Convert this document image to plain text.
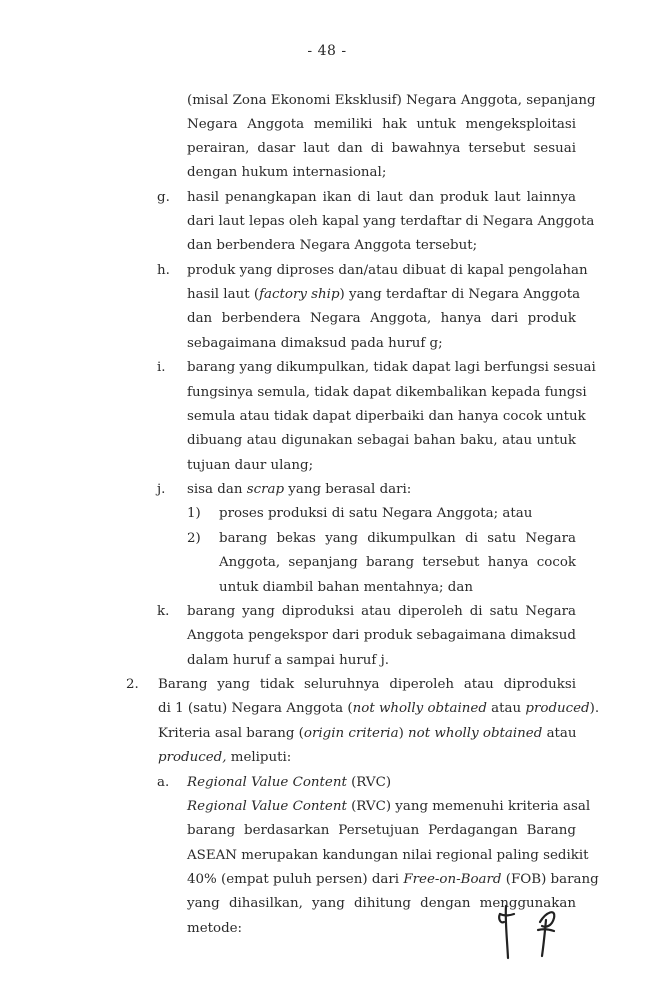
- 48 -
(misal Zona Ekonomi Eksklusif) Negara Anggota, sepanjang
Negara Anggota memiliki hak untuk mengeksploitasi
perairan, dasar laut dan di bawahnya tersebut sesuai
dengan hukum internasional;
g. hasil penangkapan ikan di laut dan produk laut lainnya
dari laut lepas oleh kapal yang terdaftar di Negara Anggota
dan berbendera Negara Anggota tersebut;
h. produk yang diproses dan/atau dibuat di kapal pengolahan
hasil laut (factory ship) yang terdaftar di Negara Anggota
dan berbendera Negara Anggota, hanya dari produk
sebagaimana dimaksud pada huruf g;
i. barang yang dikumpulkan, tidak dapat lagi berfungsi sesuai
fungsinya semula, tidak dapat dikembalikan kepada fungsi
semula atau tidak dapat diperbaiki dan hanya cocok untuk
dibuang atau digunakan sebagai bahan baku, atau untuk
tujuan daur ulang;
j. sisa dan scrap yang berasal dari:
1) proses produksi di satu Negara Anggota; atau
2) barang bekas yang dikumpulkan di satu Negara
Anggota, sepanjang barang tersebut hanya cocok
untuk diambil bahan mentahnya; dan
k. barang yang diproduksi atau diperoleh di satu Negara
Anggota pengekspor dari produk sebagaimana dimaksud
dalam huruf a sampai huruf j.
2. Barang yang tidak seluruhnya diperoleh atau diproduksi
di 1 (satu) Negara Anggota (not wholly obtained atau produced).
Kriteria asal barang (origin criteria) not wholly obtained atau
produced, meliputi:
a. Regional Value Content (RVC)
Regional Value Content (RVC) yang memenuhi kriteria asal
barang berdasarkan Persetujuan Perdagangan Barang
ASEAN merupakan kandungan nilai regional paling sedikit
40% (empat puluh persen) dari Free-on-Board (FOB) barang
yang dihasilkan, yang dihitung dengan menggunakan
metode:
